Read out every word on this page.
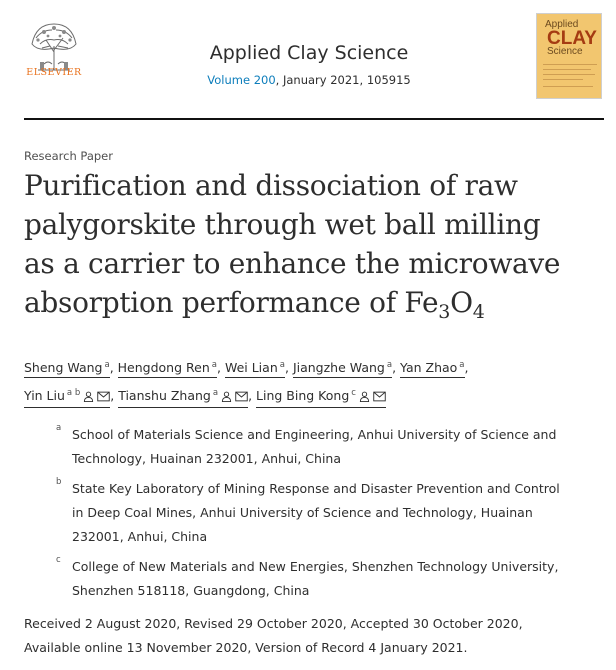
ELSEVIER
Applied Clay Science
Volume 200, January 2021, 105915
Applied
CLAY
Science
Research Paper
Purification and dissociation of raw
palygorskite through wet ball milling
as a carrier to enhance the microwave
absorption performance of $Fe_3O_4$
Sheng Wang $^a$, Hengdong Ren $^a$, Wei Lian $^a$, Jiangzhe Wang $^a$, Yan Zhao $^a$,
Yin Liu $^{a b}$ , Tianshu Zhang $^a$ , Ling Bing Kong $^c$
a School of Materials Science and Engineering, Anhui University of Science and
Technology, Huainan 232001, Anhui, China
b State Key Laboratory of Mining Response and Disaster Prevention and Control
in Deep Coal Mines, Anhui University of Science and Technology, Huainan
232001, Anhui, China
c College of New Materials and New Energies, Shenzhen Technology University,
Shenzhen 518118, Guangdong, China
Received 2 August 2020, Revised 29 October 2020, Accepted 30 October 2020,
Available online 13 November 2020, Version of Record 4 January 2021.
